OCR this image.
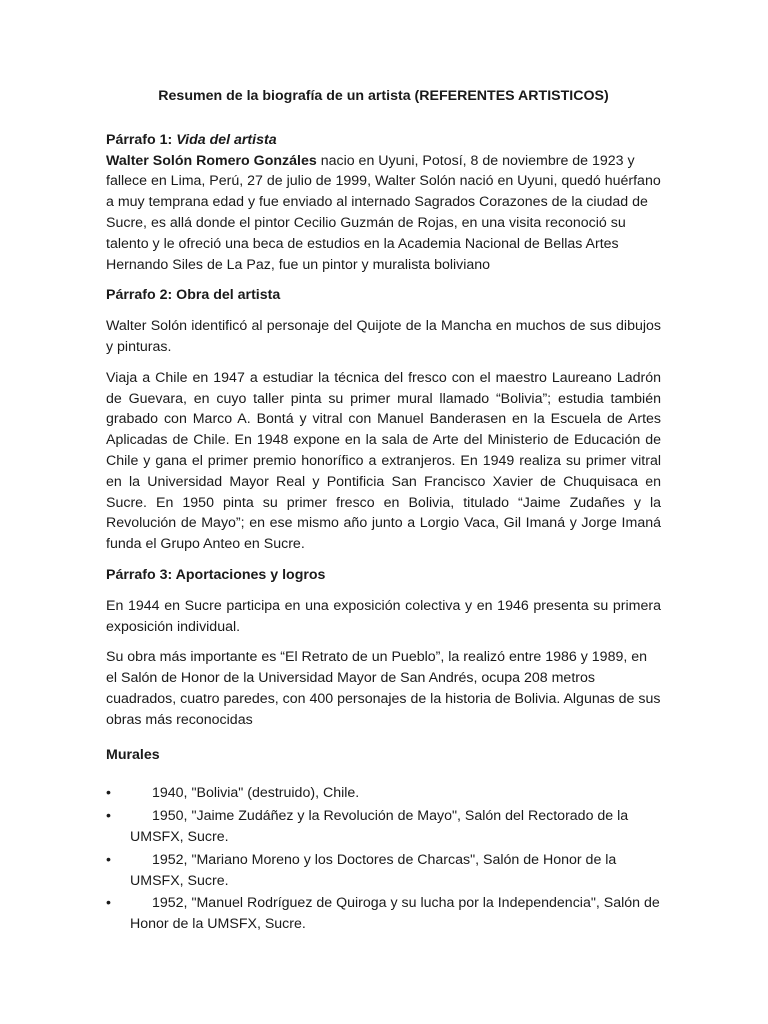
Resumen de la biografía de un artista (REFERENTES ARTISTICOS)

Párrafo 1: Vida del artista

Walter Solón Romero Gonzáles nacio en Uyuni, Potosí, 8 de noviembre de 1923 y fallece en Lima, Perú, 27 de julio de 1999, Walter Solón nació en Uyuni, quedó huérfano a muy temprana edad y fue enviado al internado Sagrados Corazones de la ciudad de Sucre, es allá donde el pintor Cecilio Guzmán de Rojas, en una visita reconoció su talento y le ofreció una beca de estudios en la Academia Nacional de Bellas Artes Hernando Siles de La Paz, fue un pintor y muralista boliviano

Párrafo 2: Obra del artista

Walter Solón identificó al personaje del Quijote de la Mancha en muchos de sus dibujos y pinturas.

Viaja a Chile en 1947 a estudiar la técnica del fresco con el maestro Laureano Ladrón de Guevara, en cuyo taller pinta su primer mural llamado “Bolivia”; estudia también grabado con Marco A. Bontá y vitral con Manuel Banderasen en la Escuela de Artes Aplicadas de Chile. En 1948 expone en la sala de Arte del Ministerio de Educación de Chile y gana el primer premio honorífico a extranjeros. En 1949 realiza su primer vitral en la Universidad Mayor Real y Pontificia San Francisco Xavier de Chuquisaca en Sucre. En 1950 pinta su primer fresco en Bolivia, titulado “Jaime Zudañes y la Revolución de Mayo”; en ese mismo año junto a Lorgio Vaca, Gil Imaná y Jorge Imaná funda el Grupo Anteo en Sucre.

Párrafo 3: Aportaciones y logros

En 1944 en Sucre participa en una exposición colectiva y en 1946 presenta su primera exposición individual.

Su obra más importante es “El Retrato de un Pueblo”, la realizó entre 1986 y 1989, en el Salón de Honor de la Universidad Mayor de San Andrés, ocupa 208 metros cuadrados, cuatro paredes, con 400 personajes de la historia de Bolivia. Algunas de sus obras más reconocidas

Murales

•	1940, "Bolivia" (destruido), Chile.
•	1950, "Jaime Zudáñez y la Revolución de Mayo", Salón del Rectorado de la UMSFX, Sucre.
•	1952, "Mariano Moreno y los Doctores de Charcas", Salón de Honor de la UMSFX, Sucre.
•	1952, "Manuel Rodríguez de Quiroga y su lucha por la Independencia", Salón de Honor de la UMSFX, Sucre.
